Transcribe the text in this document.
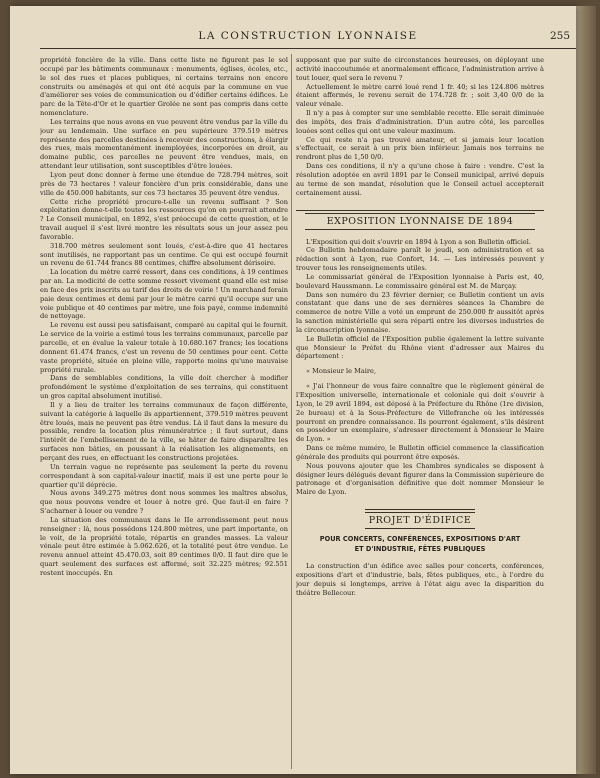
LA CONSTRUCTION LYONNAISE	255

propriété foncière de la ville. Dans cette liste ne figurent pas le sol occupé par les bâtiments communaux : monuments, églises, écoles, etc., le sol des rues et places publiques, ni certains terrains non encore construits ou aménagés et qui ont été acquis par la commune en vue d'améliorer ses voies de communication ou d'édifier certains édifices. Le parc de la Tête-d'Or et le quartier Grolée ne sont pas compris dans cette nomenclature.

Les terrains que nous avons en vue peuvent être vendus par la ville du jour au lendemain. Une surface en peu supérieure 379.519 mètres représente des parcelles destinées à recevoir des constructions, à élargir des rues, mais momentanément inemployées, incorporées en droit, au domaine public, ces parcelles ne peuvent être vendues, mais, en attendant leur utilisation, sont susceptibles d'être louées.

Lyon peut donc donner à ferme une étendue de 728.794 mètres, soit près de 73 hectares ! valeur foncière d'un prix considérable, dans une ville de 450.000 habitants, sur ces 73 hectares 35 peuvent être vendus.

Cette riche propriété procure-t-elle un revenu suffisant ? Son exploitation donne-t-elle toutes les ressources qu'on en pourrait attendre ? Le Conseil municipal, en 1892, s'est préoccupé de cette question, et le travail auquel il s'est livré montre les résultats sous un jour assez peu favorable.

318.700 mètres seulement sont loués, c'est-à-dire que 41 hectares sont inutilisés, ne rapportant pas un centime. Ce qui est occupé fournit un revenu de 61.744 francs 88 centimes, chiffre absolument dérisoire.

La location du mètre carré ressort, dans ces conditions, à 19 centimes par an. La modicité de cette somme ressort vivement quand elle est mise en face des prix inscrits au tarif des droits de voirie ! Un marchand forain paie deux centimes et demi par jour le mètre carré qu'il occupe sur une voie publique et 40 centimes par mètre, une fois payé, comme indemnité de nettoyage.

Le revenu est aussi peu satisfaisant, comparé au capital qui le fournit. Le service de la voirie a estimé tous les terrains communaux, parcelle par parcelle, et en évalue la valeur totale à 10.680.167 francs; les locations donnent 61.474 francs, c'est un revenu de 50 centimes pour cent. Cette vaste propriété, située en pleine ville, rapporte moins qu'une mauvaise propriété rurale.

Dans de semblables conditions, la ville doit chercher à modifier profondément le système d'exploitation de ses terrains, qui constituent un gros capital absolument inutilisé.

Il y a lieu de traiter les terrains communaux de façon différente, suivant la catégorie à laquelle ils appartiennent, 379.519 mètres peuvent être loués, mais ne peuvent pas être vendus. Là il faut dans la mesure du possible, rendre la location plus rémunératrice ; il faut surtout, dans l'intérêt de l'embellissement de la ville, se hâter de faire disparaître les surfaces non bâties, en poussant à la réalisation les alignements, en perçant des rues, en effectuant les constructions projetées.

Un terrain vague ne représente pas seulement la perte du revenu correspondant à son capital-valeur inactif, mais il est une perte pour le quartier qu'il déprécie.

Nous avons 349.275 mètres dont nous sommes les maîtres absolus, que nous pouvons vendre et louer à notre gré. Que faut-il en faire ? S'acharner à louer ou vendre ?

La situation des communaux dans le IIe arrondissement peut nous renseigner : là, nous possédons 124.800 mètres, une part importante, on le voit, de la propriété totale, répartis en grandes masses. La valeur vénale peut être estimée à 5.062.626, et la totalité peut être vendue. Le revenu annuel atteint 45.470.03, soit 89 centimes 0/0. Il faut dire que le quart seulement des surfaces est affermé, soit 32.225 mètres; 92.551 restent inoccupés. En

supposant que par suite de circonstances heureuses, on déployant une activité inaccoutumée et anormalement efficace, l'administration arrive à tout louer, quel sera le revenu ?

Actuellement le mètre carré loué rend 1 fr. 40; si les 124.806 mètres étaient affermés, le revenu serait de 174.728 fr. ; soit 3,40 0/0 de la valeur vénale.

Il n'y a pas à compter sur une semblable recette. Elle serait diminuée des impôts, des frais d'administration. D'un autre côté, les parcelles louées sont celles qui ont une valeur maximum.

Ce qui reste n'a pas trouvé amateur, et si jamais leur location s'effectuait, ce serait à un prix bien inférieur. Jamais nos terrains ne rendront plus de 1,50 0/0.

Dans ces conditions, il n'y a qu'une chose à faire : vendre. C'est la résolution adoptée en avril 1891 par le Conseil municipal, arrivé depuis au terme de son mandat, résolution que le Conseil actuel accepterait certainement aussi.

EXPOSITION LYONNAISE DE 1894

L'Exposition qui doit s'ouvrir en 1894 à Lyon a son Bulletin officiel.

Ce Bulletin hebdomadaire paraît le jeudi, son administration et sa rédaction sont à Lyon, rue Confort, 14. — Les intéressés peuvent y trouver tous les renseignements utiles.

Le commissariat général de l'Exposition lyonnaise à Paris est, 40, boulevard Haussmann. Le commissaire général est M. de Marçay.

Dans son numéro du 23 février dernier, ce Bulletin contient un avis constatant que dans une de ses dernières séances la Chambre de commerce de notre Ville a voté un emprunt de 250.000 fr aussitôt après la sanction ministérielle qui sera réparti entre les diverses industries de la circonscription lyonnaise.

Le Bulletin officiel de l'Exposition publie également la lettre suivante que Monsieur le Préfet du Rhône vient d'adresser aux Maires du département :

« Monsieur le Maire,

« J'ai l'honneur de vous faire connaître que le règlement général de l'Exposition universelle, internationale et coloniale qui doit s'ouvrir à Lyon, le 29 avril 1894, est déposé à la Préfecture du Rhône (1re division, 2e bureau) et à la Sous-Préfecture de Villefranche où les intéressés pourront en prendre connaissance. Ils pourront également, s'ils désirent en posséder un exemplaire, s'adresser directement à Monsieur le Maire de Lyon. »

Dans ce même numéro, le Bulletin officiel commence la classification générale des produits qui pourront être exposés.

Nous pouvons ajouter que les Chambres syndicales se disposent à désigner leurs délégués devant figurer dans la Commission supérieure de patronage et d'organisation définitive que doit nommer Monsieur le Maire de Lyon.

PROJET D'ÉDIFICE
POUR CONCERTS, CONFÉRENCES, EXPOSITIONS D'ART
ET D'INDUSTRIE, FÊTES PUBLIQUES

La construction d'un édifice avec salles pour concerts, conférences, expositions d'art et d'industrie, bals, fêtes publiques, etc., à l'ordre du jour depuis si longtemps, arrive à l'état aigu avec la disparition du théâtre Bellecour.
